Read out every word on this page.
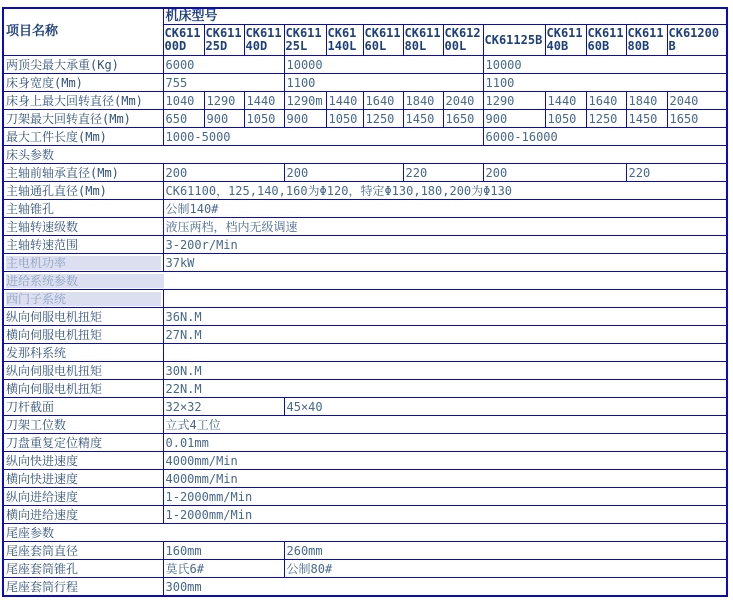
项目名称	机床型号												
	CK61100D	CK61125D	CK61140D	CK61125L	CK61140L	CK61160L	CK61180L	CK61200L	CK61125B	CK61140B	CK61160B	CK61180B	CK61200B
两顶尖最大承重(Kg)	6000			10000					10000				
床身宽度(Mm)	755			1100					1100				
床身上最大回转直径(Mm)	1040	1290	1440	1290m	1440	1640	1840	2040	1290	1440	1640	1840	2040
刀架最大回转直径(Mm)	650	900	1050	900	1050	1250	1450	1650	900	1050	1250	1450	1650
最大工件长度(Mm)	1000-5000								6000-16000				
床头参数													
主轴前轴承直径(Mm)	200			200			220		200			220	
主轴通孔直径(Mm)	CK61100，125,140,160为Φ120，特定Φ130,180,200为Φ130												
主轴锥孔	公制140#												
主轴转速级数	液压两档，档内无级调速												
主轴转速范围	3-200r/Min												

主电机功率	37kW												
进给系统参数													

西门子系统													

纵向伺服电机扭矩	36N.M												
横向伺服电机扭矩	27N.M												
发那科系统													
纵向伺服电机扭矩	30N.M												
横向伺服电机扭矩	22N.M												
刀杆截面	32×32			45×40									
刀架工位数	立式4工位												
刀盘重复定位精度	0.01mm												
纵向快进速度	4000mm/Min												
横向快进速度	4000mm/Min												
纵向进给速度	1-2000mm/Min												
横向进给速度	1-2000mm/Min												
尾座参数													
尾座套筒直径	160mm			260mm									
尾座套筒锥孔	莫氏6#			公制80#									
尾座套筒行程	300mm												
